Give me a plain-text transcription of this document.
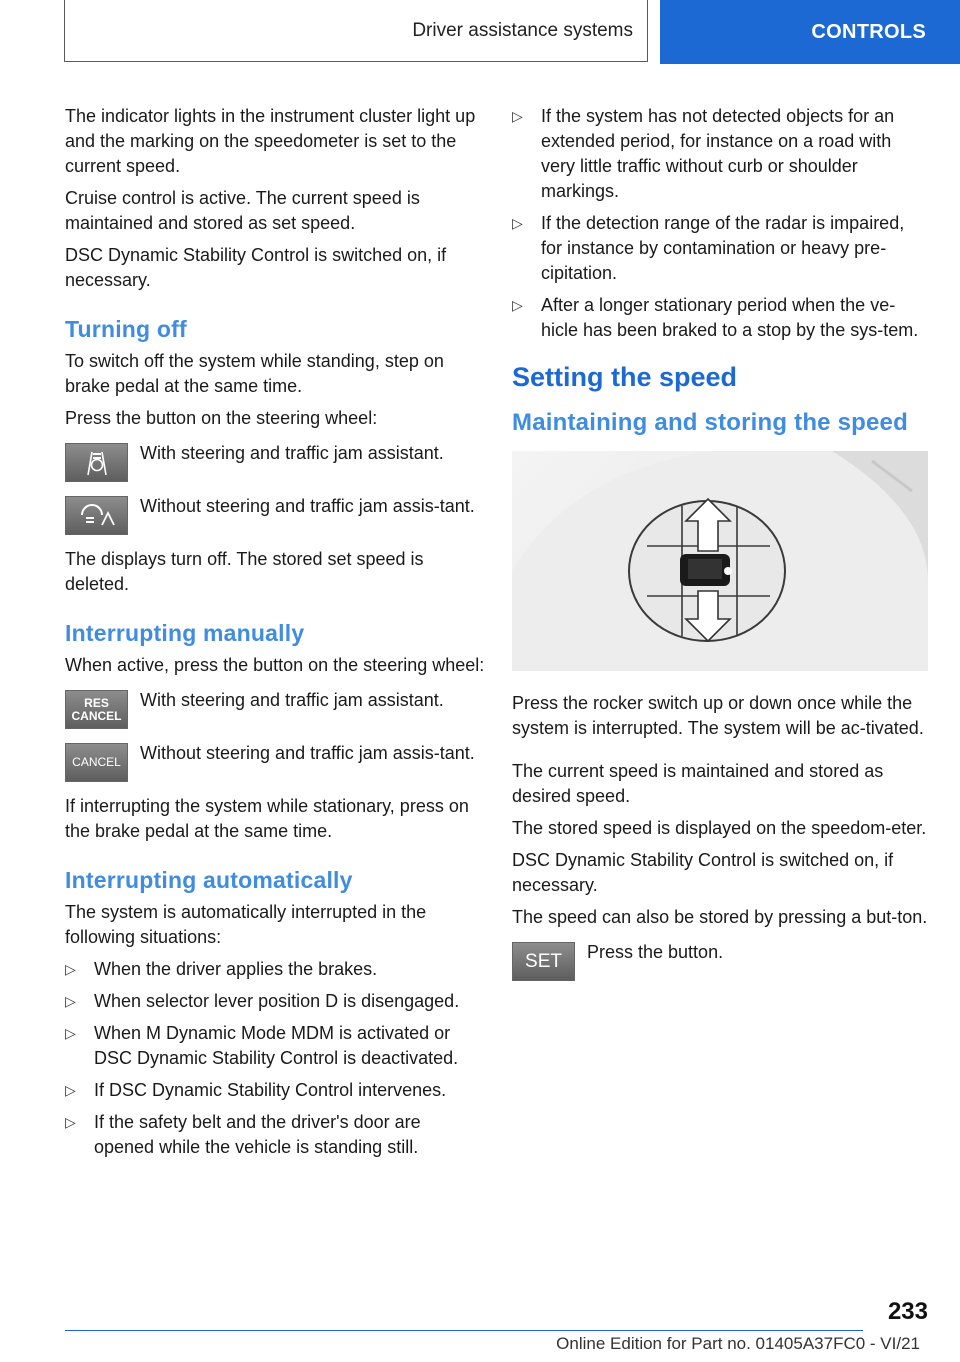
Driver assistance systems	CONTROLS

The indicator lights in the instrument cluster light up and the marking on the speedometer is set to the current speed.

Cruise control is active. The current speed is maintained and stored as set speed.

DSC Dynamic Stability Control is switched on, if necessary.

Turning off

To switch off the system while standing, step on brake pedal at the same time.

Press the button on the steering wheel:

With steering and traffic jam assistant.
Without steering and traffic jam assis-tant.

The displays turn off. The stored set speed is deleted.

Interrupting manually

When active, press the button on the steering wheel:

RES
CANCEL
With steering and traffic jam assistant.
CANCEL Without steering and traffic jam assis-tant.

If interrupting the system while stationary, press on the brake pedal at the same time.

Interrupting automatically

The system is automatically interrupted in the following situations:

▷ When the driver applies the brakes.
▷ When selector lever position D is disengaged.
▷ When M Dynamic Mode MDM is activated or DSC Dynamic Stability Control is deactivated.
▷ If DSC Dynamic Stability Control intervenes.
▷ If the safety belt and the driver's door are opened while the vehicle is standing still.
▷ If the system has not detected objects for an extended period, for instance on a road with very little traffic without curb or shoulder markings.
▷ If the detection range of the radar is impaired, for instance by contamination or heavy pre-cipitation.
▷ After a longer stationary period when the ve-hicle has been braked to a stop by the sys-tem.
Setting the speed
Maintaining and storing the speed

Press the rocker switch up or down once while the system is interrupted. The system will be ac-tivated.

The current speed is maintained and stored as desired speed.

The stored speed is displayed on the speedom-eter.

DSC Dynamic Stability Control is switched on, if necessary.

The speed can also be stored by pressing a but-ton.

SET Press the button.
233
Online Edition for Part no. 01405A37FC0 - VI/21
